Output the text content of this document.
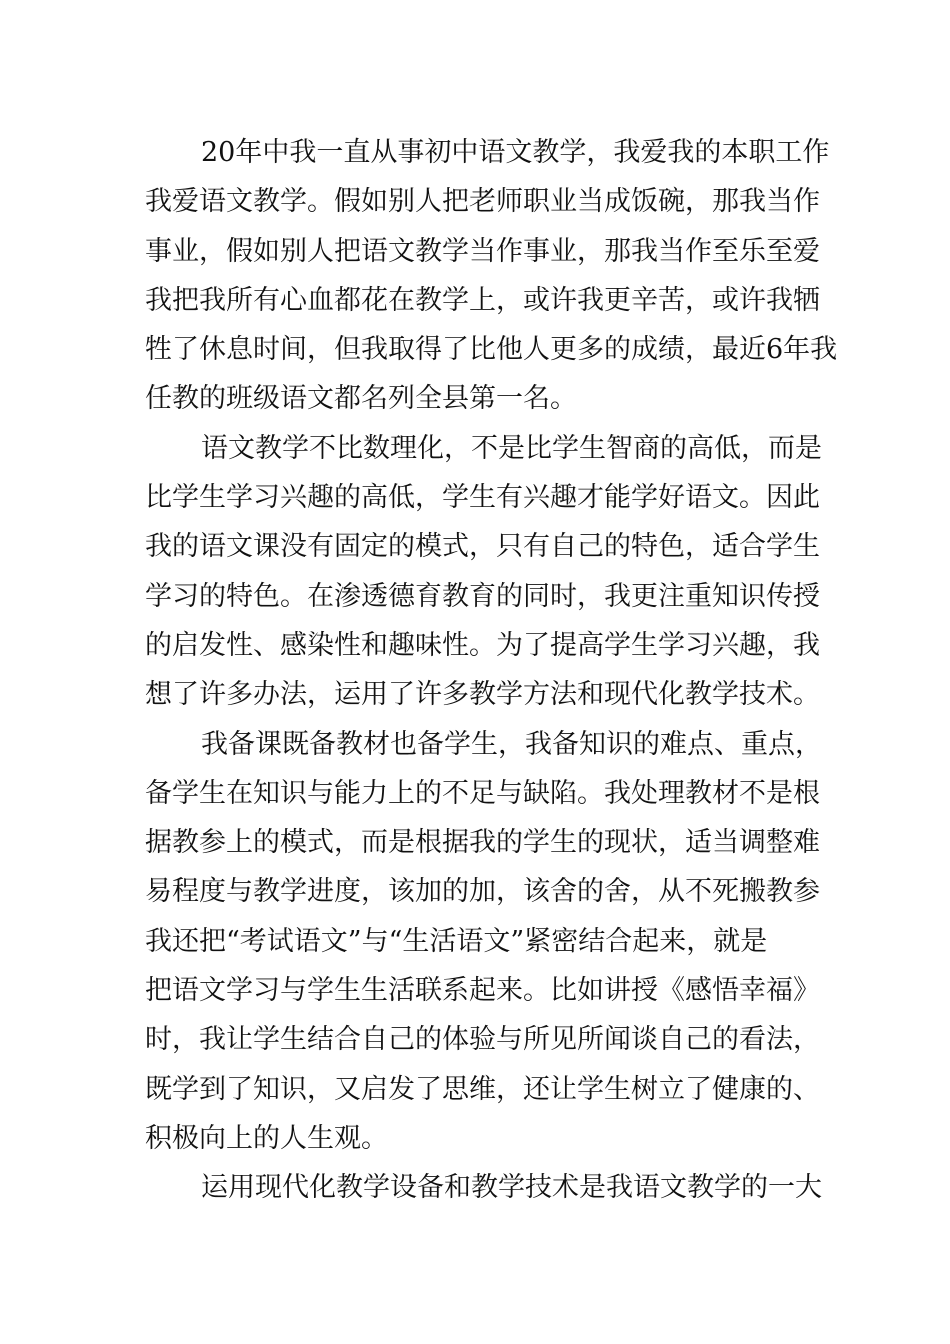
20年中我一直从事初中语文教学，我爱我的本职工作
我爱语文教学。假如别人把老师职业当成饭碗，那我当作
事业，假如别人把语文教学当作事业，那我当作至乐至爱
我把我所有心血都花在教学上，或许我更辛苦，或许我牺
牲了休息时间，但我取得了比他人更多的成绩，最近6年我
任教的班级语文都名列全县第一名。
语文教学不比数理化，不是比学生智商的高低，而是
比学生学习兴趣的高低，学生有兴趣才能学好语文。因此
我的语文课没有固定的模式，只有自己的特色，适合学生
学习的特色。在渗透德育教育的同时，我更注重知识传授
的启发性、感染性和趣味性。为了提高学生学习兴趣，我
想了许多办法，运用了许多教学方法和现代化教学技术。
我备课既备教材也备学生，我备知识的难点、重点，
备学生在知识与能力上的不足与缺陷。我处理教材不是根
据教参上的模式，而是根据我的学生的现状，适当调整难
易程度与教学进度，该加的加，该舍的舍，从不死搬教参
我还把“考试语文”与“生活语文”紧密结合起来，就是
把语文学习与学生生活联系起来。比如讲授《感悟幸福》
时，我让学生结合自己的体验与所见所闻谈自己的看法，
既学到了知识，又启发了思维，还让学生树立了健康的、
积极向上的人生观。
运用现代化教学设备和教学技术是我语文教学的一大
